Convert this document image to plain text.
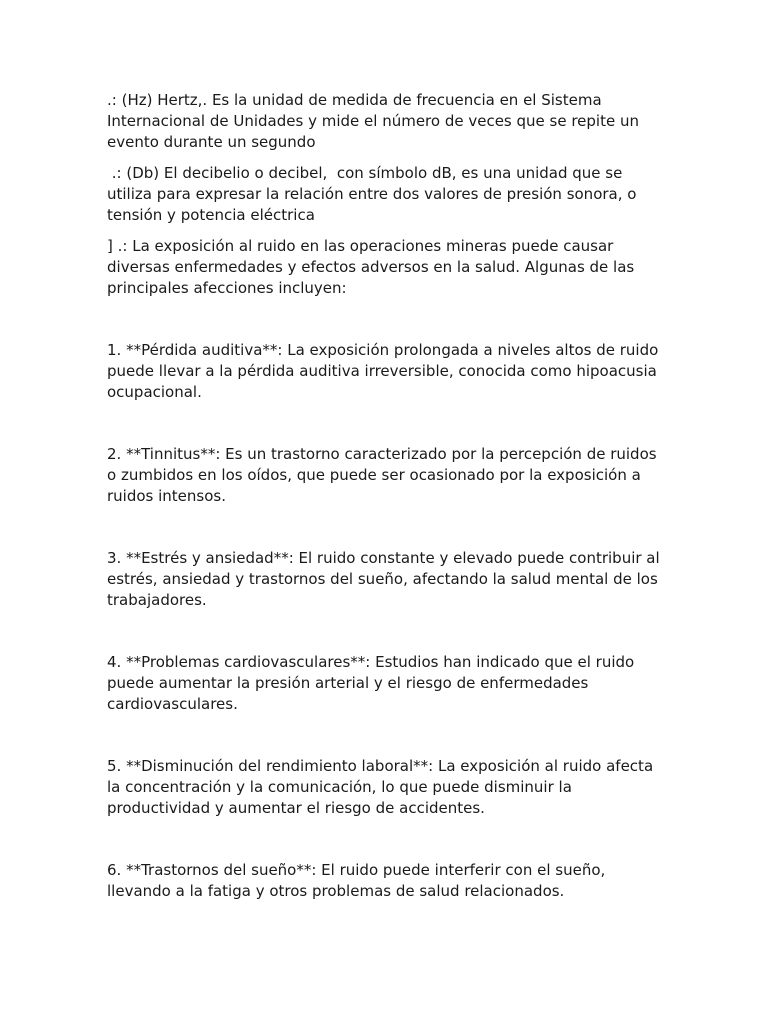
.: (Hz) Hertz,. Es la unidad de medida de frecuencia en el Sistema Internacional de Unidades y mide el número de veces que se repite un evento durante un segundo

.: (Db) El decibelio o decibel,  con símbolo dB, es una unidad que se utiliza para expresar la relación entre dos valores de presión sonora, o tensión y potencia eléctrica

] .: La exposición al ruido en las operaciones mineras puede causar diversas enfermedades y efectos adversos en la salud. Algunas de las principales afecciones incluyen:

1. **Pérdida auditiva**: La exposición prolongada a niveles altos de ruido puede llevar a la pérdida auditiva irreversible, conocida como hipoacusia ocupacional.

2. **Tinnitus**: Es un trastorno caracterizado por la percepción de ruidos o zumbidos en los oídos, que puede ser ocasionado por la exposición a ruidos intensos.

3. **Estrés y ansiedad**: El ruido constante y elevado puede contribuir al estrés, ansiedad y trastornos del sueño, afectando la salud mental de los trabajadores.

4. **Problemas cardiovasculares**: Estudios han indicado que el ruido puede aumentar la presión arterial y el riesgo de enfermedades cardiovasculares.

5. **Disminución del rendimiento laboral**: La exposición al ruido afecta la concentración y la comunicación, lo que puede disminuir la productividad y aumentar el riesgo de accidentes.

6. **Trastornos del sueño**: El ruido puede interferir con el sueño, llevando a la fatiga y otros problemas de salud relacionados.
